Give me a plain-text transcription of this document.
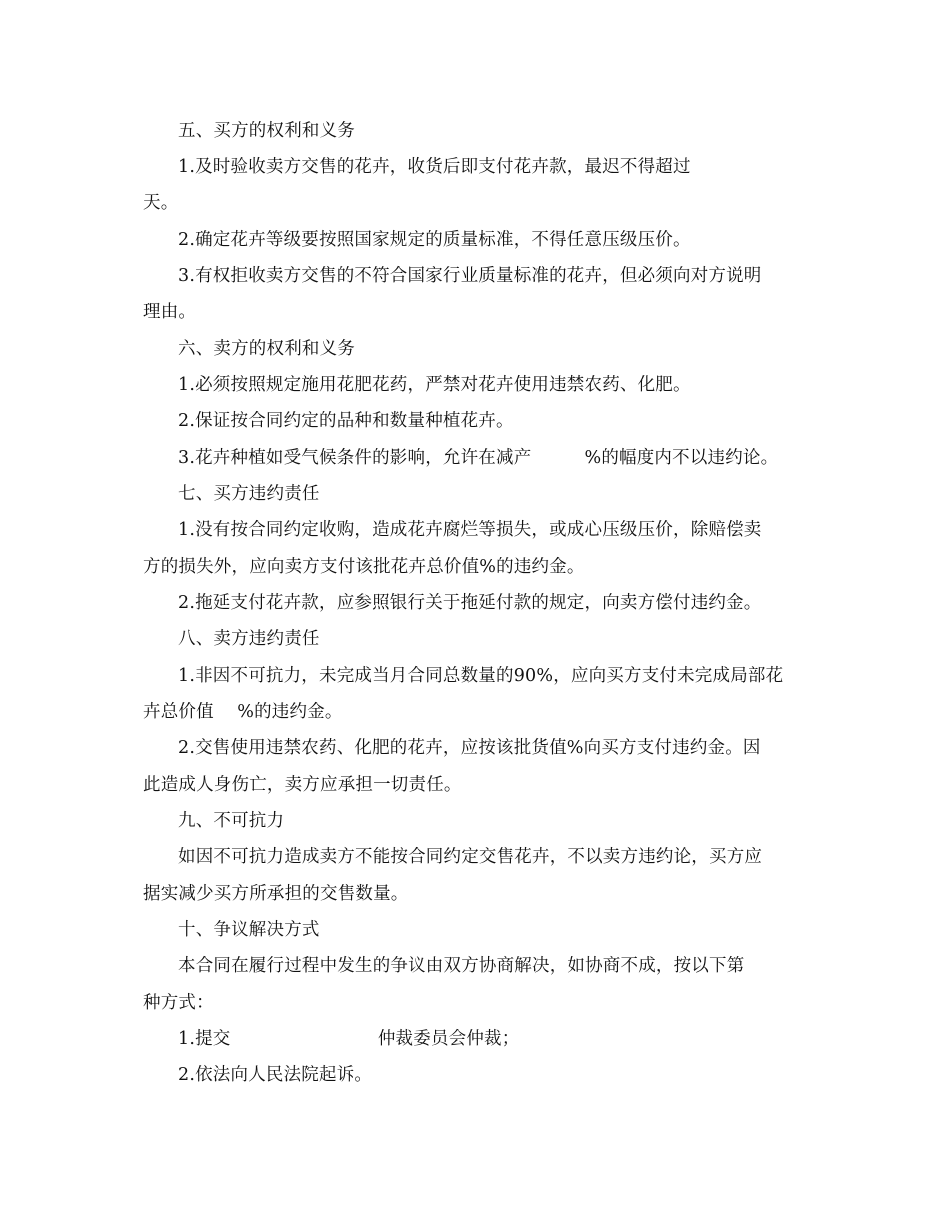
五、买方的权利和义务
1.及时验收卖方交售的花卉，收货后即支付花卉款，最迟不得超过
天。
2.确定花卉等级要按照国家规定的质量标准，不得任意压级压价。
3.有权拒收卖方交售的不符合国家行业质量标准的花卉，但必须向对方说明
理由。
六、卖方的权利和义务
1.必须按照规定施用花肥花药，严禁对花卉使用违禁农药、化肥。
2.保证按合同约定的品种和数量种植花卉。
3.花卉种植如受气候条件的影响，允许在减产　　　%的幅度内不以违约论。
七、买方违约责任
1.没有按合同约定收购，造成花卉腐烂等损失，或成心压级压价，除赔偿卖
方的损失外，应向卖方支付该批花卉总价值%的违约金。
2.拖延支付花卉款，应参照银行关于拖延付款的规定，向卖方偿付违约金。
八、卖方违约责任
1.非因不可抗力，未完成当月合同总数量的90%，应向买方支付未完成局部花
卉总价值　 %的违约金。
2.交售使用违禁农药、化肥的花卉，应按该批货值%向买方支付违约金。因
此造成人身伤亡，卖方应承担一切责任。
九、不可抗力
如因不可抗力造成卖方不能按合同约定交售花卉，不以卖方违约论，买方应
据实减少买方所承担的交售数量。
十、争议解决方式
本合同在履行过程中发生的争议由双方协商解决，如协商不成，按以下第
种方式：
1.提交　　　　　　　　 仲裁委员会仲裁；
2.依法向人民法院起诉。
